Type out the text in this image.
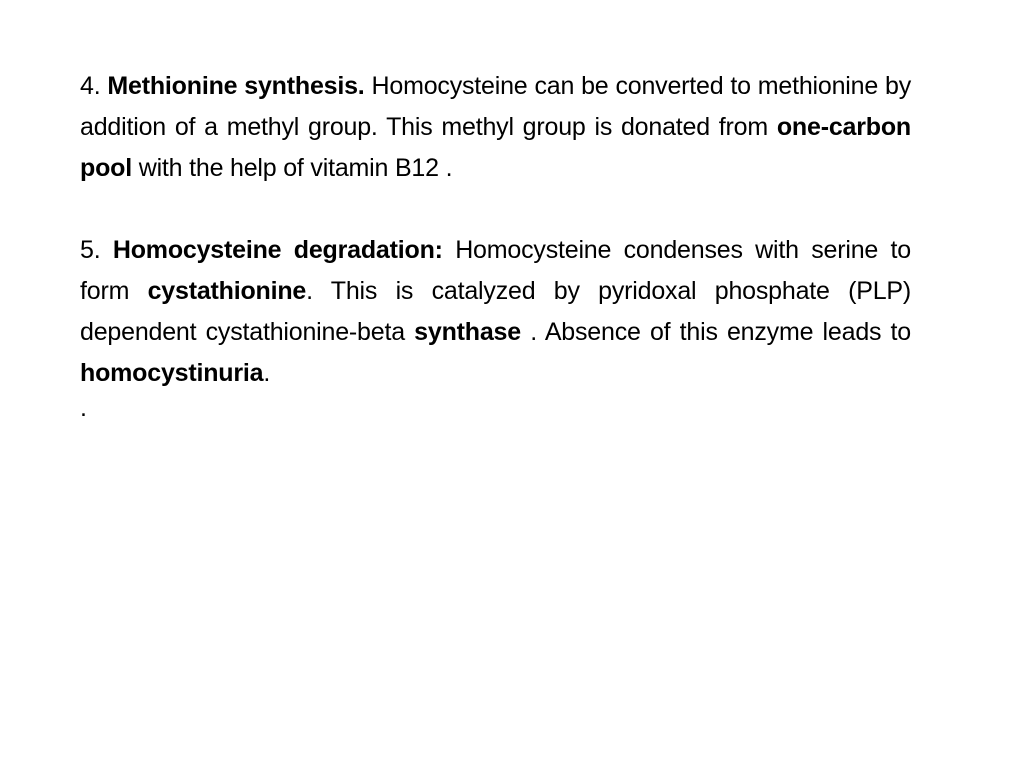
4. Methionine synthesis. Homocysteine can be converted to methionine by addition of a methyl group. This methyl group is donated from one-carbon pool with the help of vitamin B12 .

5. Homocysteine degradation: Homocysteine condenses with serine to form cystathionine. This is catalyzed by pyridoxal phosphate (PLP) dependent cystathionine-beta synthase . Absence of this enzyme leads to homocystinuria.

.
